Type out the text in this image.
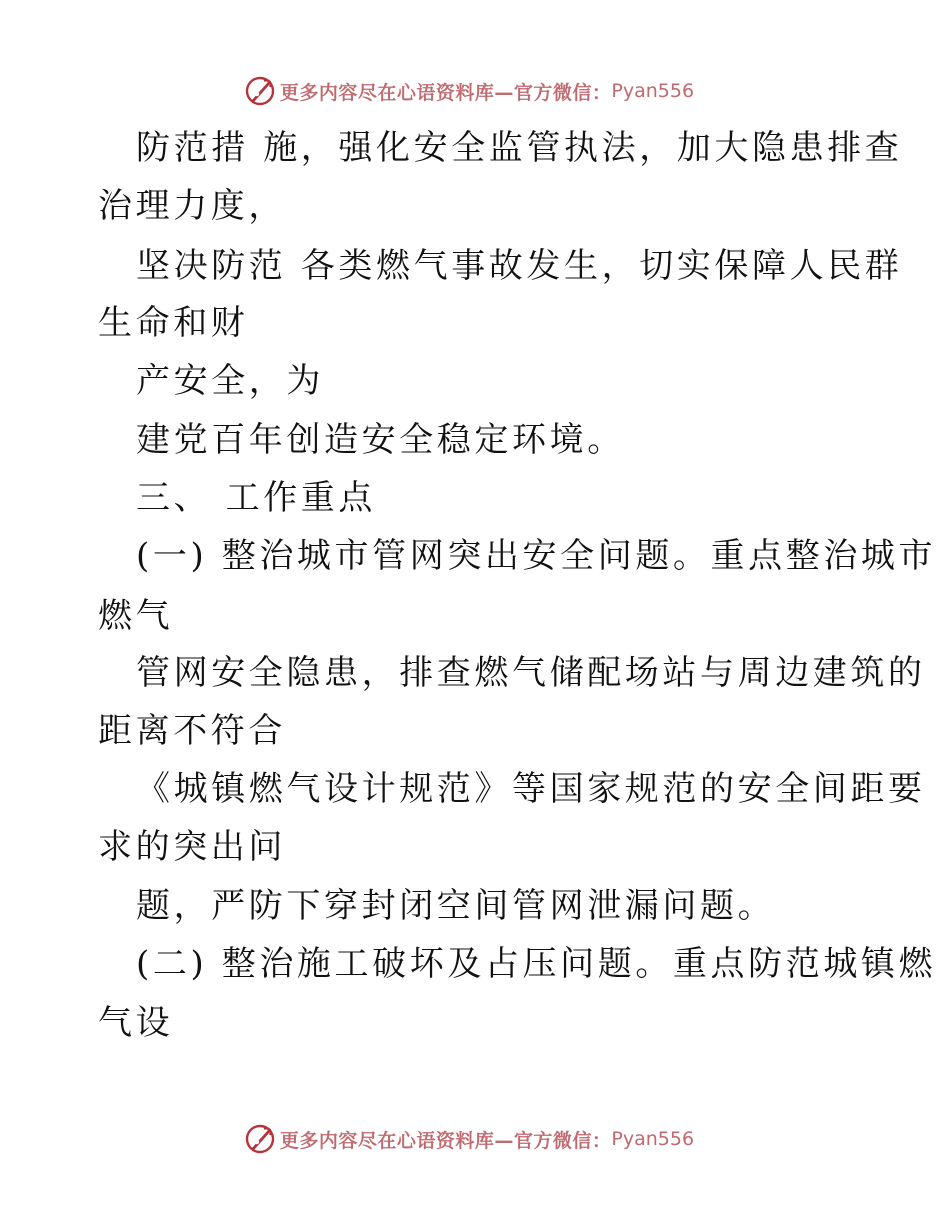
更多内容尽在心语资料库—官方微信： Pyan556
防范措 施，强化安全监管执法，加大隐患排查
治理力度，
坚决防范 各类燃气事故发生，切实保障人民群
生命和财
产安全，为
建党百年创造安全稳定环境。
三、 工作重点
(一) 整治城市管网突出安全问题。重点整治城市
燃气
管网安全隐患，排查燃气储配场站与周边建筑的
距离不符合
《城镇燃气设计规范》等国家规范的安全间距要
求的突出问
题，严防下穿封闭空间管网泄漏问题。
(二) 整治施工破坏及占压问题。重点防范城镇燃
气设
更多内容尽在心语资料库—官方微信： Pyan556
